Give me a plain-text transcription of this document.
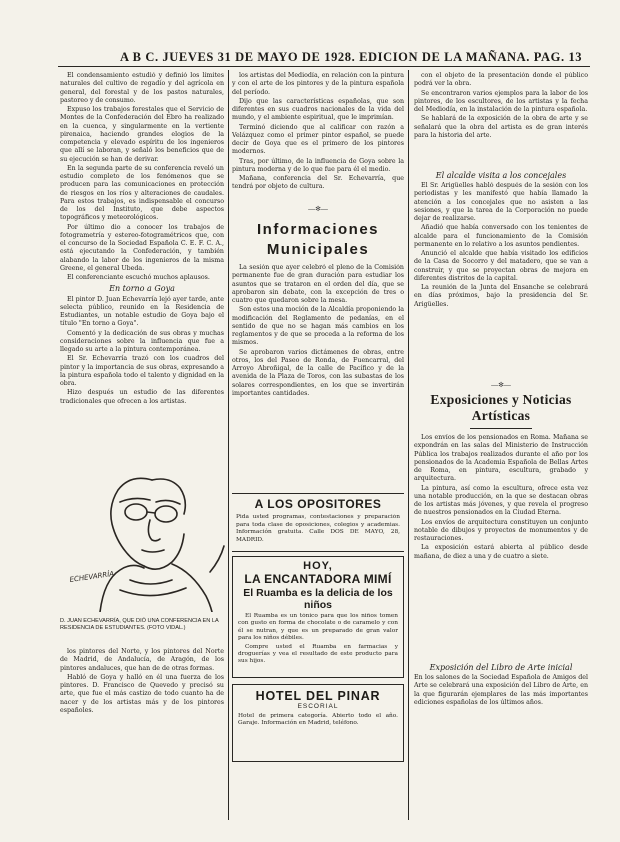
A B C. JUEVES 31 DE MAYO DE 1928. EDICION DE LA MAÑANA. PAG. 13

El condensamiento estudió y definió los límites naturales del cultivo de regadío y del agrícola en general, del forestal y de los pastos naturales, pastoreo y de consumo.

Expuso los trabajos forestales que el Servicio de Montes de la Confederación del Ebro ha realizado en la cuenca, y singularmente en la vertiente pirenaica, haciendo grandes elogios de la competencia y elevado espíritu de los ingenieros que allí se laboran, y señaló los beneficios que de su ejecución se han de derivar.

En la segunda parte de su conferencia reveló un estudio completo de los fenómenos que se producen para las comunicaciones en protección de riesgos en los ríos y alteraciones de caudales. Para estos trabajos, es indispensable el concurso de los del Instituto, que debe aspectos topográficos y meteorológicos.

Por último dio a conocer los trabajos de fotogrametría y estereo-fotogramétricos que, con el concurso de la Sociedad Española C. E. F. C. A., está ejecutando la Confederación, y también alabando la labor de los ingenieros de la misma Greene, el general Ubeda.

El conferenciante escuchó muchos aplausos.

En torno a Goya

El pintor D. Juan Echevarría lejó ayer tarde, ante selecta público, reunido en la Residencia de Estudiantes, un notable estudio de Goya bajo el título "En torno a Goya".

Comentó y la dedicación de sus obras y muchas consideraciones sobre la influencia que fue a llegado su arte a la pintura contemporánea.

El Sr. Echevarría trazó con los cuadros del pintor y la importancia de sus obras, expresando a la pintura española todo el talento y dignidad en la obra.

Hizo después un estudio de las diferentes tradicionales que ofrecen a los artistas.

ECHEVARRÍA
D. JUAN ECHEVARRÍA, QUE DIÓ UNA CONFERENCIA EN LA RESIDENCIA DE ESTUDIANTES. (FOTO VIDAL.)

los pintores del Norte, y los pintores del Norte de Madrid, de Andalucía, de Aragón, de los pintores andaluces, que han de de otras formas.

Habló de Goya y halló en él una fuerza de los pintores. D. Francisco de Quevedo y precisó su arte, que fue el más castizo de todo cuanto ha de nacer y de los artistas más y de los pintores españoles.

los artistas del Mediodía, en relación con la pintura y con el arte de los pintores y de la pintura española del período.

Dijo que las características españolas, que son diferentes en sus cuadros nacionales de la vida del mundo, y el ambiente espiritual, que le imprimían.

Terminó diciendo que al calificar con razón a Velázquez como el primer pintor español, se puede decir de Goya que es el primero de los pintores modernos.

Tras, por último, de la influencia de Goya sobre la pintura moderna y de lo que fue para él el medio.

Mañana, conferencia del Sr. Echevarría, que tendrá por objeto de cultura.

―✻―
Informaciones Municipales

La sesión que ayer celebró el pleno de la Comisión permanente fue de gran duración para estudiar los asuntos que se trataron en el orden del día, que se aprobaron sin debate, con la excepción de tres o cuatro que quedaron sobre la mesa.

Son estos una moción de la Alcaldía proponiendo la modificación del Reglamento de pedanías, en el sentido de que no se hagan más cambios en los reglamentos y de que se proceda a la reforma de los mismos.

Se aprobaron varios dictámenes de obras, entre otros, los del Paseo de Ronda, de Fuencarral, del Arroyo Abroñigal, de la calle de Pacífico y de la avenida de la Plaza de Toros, con las subastas de los solares correspondientes, en los que se invertirán importantes cantidades.

A LOS OPOSITORES
Pida usted programas, contestaciones y preparación para toda clase de oposiciones, colegios y academias. Información gratuita. Calle DOS DE MAYO, 28, MADRID.
HOY,
LA ENCANTADORA MIMÍ
El Ruamba es la delicia de los niños

El Ruamba es un tónico para que los niños tomen con gusto en forma de chocolate o de caramelo y con él se nutran, y que es un preparado de gran valor para los niños débiles.

Compre usted el Ruamba en farmacias y droguerías y vea el resultado de este producto para sus hijos.

HOTEL DEL PINAR
ESCORIAL
Hotel de primera categoría. Abierto todo el año. Garaje. Información en Madrid, teléfono.

con el objeto de la presentación donde el público podrá ver la obra.

Se encontraron varios ejemplos para la labor de los pintores, de los escultores, de los artistas y la fecha del Mediodía, en la instalación de la pintura española.

Se hablará de la exposición de la obra de arte y se señalará que la obra del artista es de gran interés para la historia del arte.

El alcalde visita a los concejales

El Sr. Arigüelles habló después de la sesión con los periodistas y les manifestó que había llamado la atención a los concejales que no asisten a las sesiones, y que la tarea de la Corporación no puede dejar de realizarse.

Añadió que había conversado con los tenientes de alcalde para el funcionamiento de la Comisión permanente en lo relativo a los asuntos pendientes.

Anunció el alcalde que había visitado los edificios de la Casa de Socorro y del matadero, que se van a construir, y que se proyectan obras de mejora en diferentes distritos de la capital.

La reunión de la Junta del Ensanche se celebrará en días próximos, bajo la presidencia del Sr. Arigüelles.

―✻―
Exposiciones y Noticias Artísticas

Los envíos de los pensionados en Roma. Mañana se expondrán en las salas del Ministerio de Instrucción Pública los trabajos realizados durante el año por los pensionados de la Academia Española de Bellas Artes de Roma, en pintura, escultura, grabado y arquitectura.

La pintura, así como la escultura, ofrece esta vez una notable producción, en la que se destacan obras de los artistas más jóvenes, y que revela el progreso de nuestros pensionados en la Ciudad Eterna.

Los envíos de arquitectura constituyen un conjunto notable de dibujos y proyectos de monumentos y de restauraciones.

La exposición estará abierta al público desde mañana, de diez a una y de cuatro a siete.

Exposición del Libro de Arte inicial
En los salones de la Sociedad Española de Amigos del Arte se celebrará una exposición del Libro de Arte, en la que figurarán ejemplares de las más importantes ediciones españolas de los últimos años.
